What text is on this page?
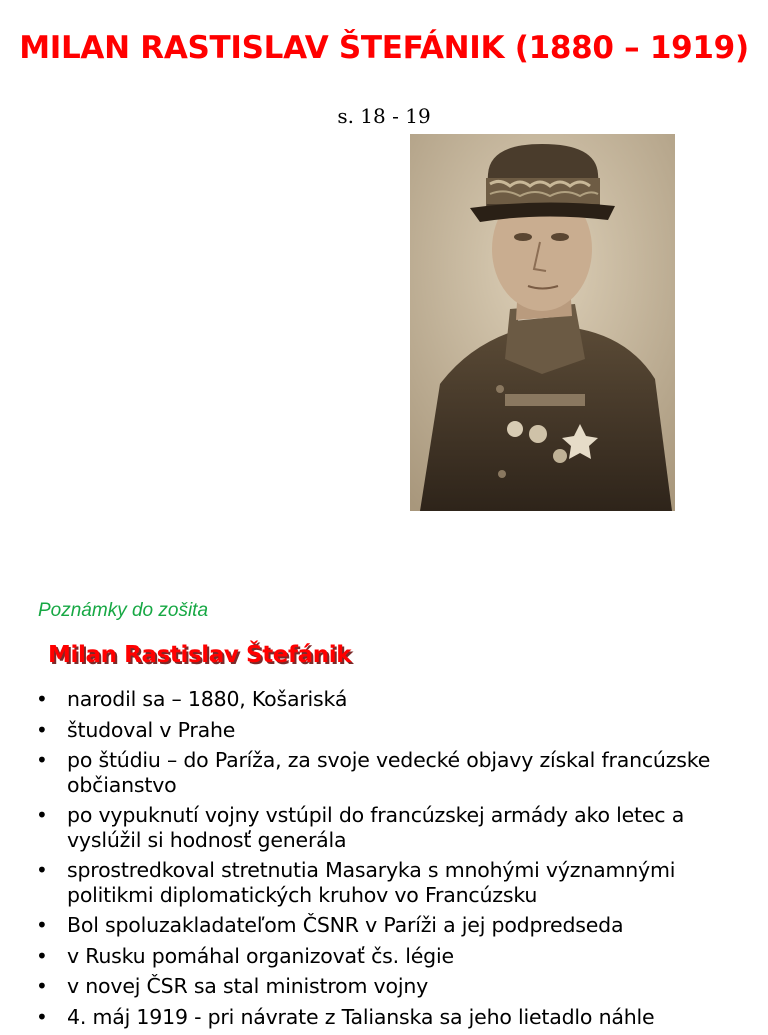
MILAN RASTISLAV ŠTEFÁNIK (1880 – 1919)
s. 18 - 19
Poznámky do zošita
Milan Rastislav Štefánik
• narodil sa – 1880, Košariská
• študoval v Prahe
• po štúdiu – do Paríža, za svoje vedecké objavy získal francúzske občianstvo
• po vypuknutí vojny vstúpil do francúzskej armády ako letec a vyslúžil si hodnosť generála
• sprostredkoval stretnutia Masaryka s mnohými významnými politikmi diplomatických kruhov vo Francúzsku
• Bol spoluzakladateľom ČSNR v Paríži a jej podpredseda
• v Rusku pomáhal organizovať čs. légie
• v novej ČSR sa stal ministrom vojny
• 4. máj 1919 - pri návrate z Talianska sa jeho lietadlo náhle
